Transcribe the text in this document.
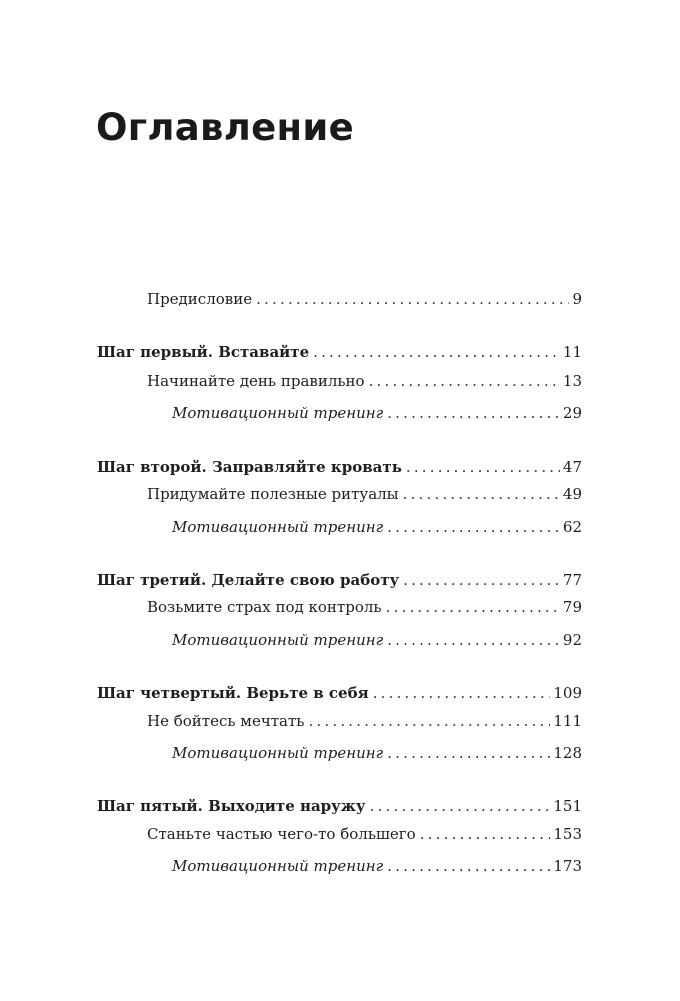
Оглавление
Предисловие .....	9
Шаг первый. Вставайте .....	11
Начинайте день правильно .....	13
Мотивационный тренинг .....	29
Шаг второй. Заправляйте кровать .....	47
Придумайте полезные ритуалы .....	49
Мотивационный тренинг .....	62
Шаг третий. Делайте свою работу .....	77
Возьмите страх под контроль .....	79
Мотивационный тренинг .....	92
Шаг четвертый. Верьте в себя .....	109
Не бойтесь мечтать .....	111
Мотивационный тренинг .....	128
Шаг пятый. Выходите наружу .....	151
Станьте частью чего-то большего .....	153
Мотивационный тренинг .....	173
